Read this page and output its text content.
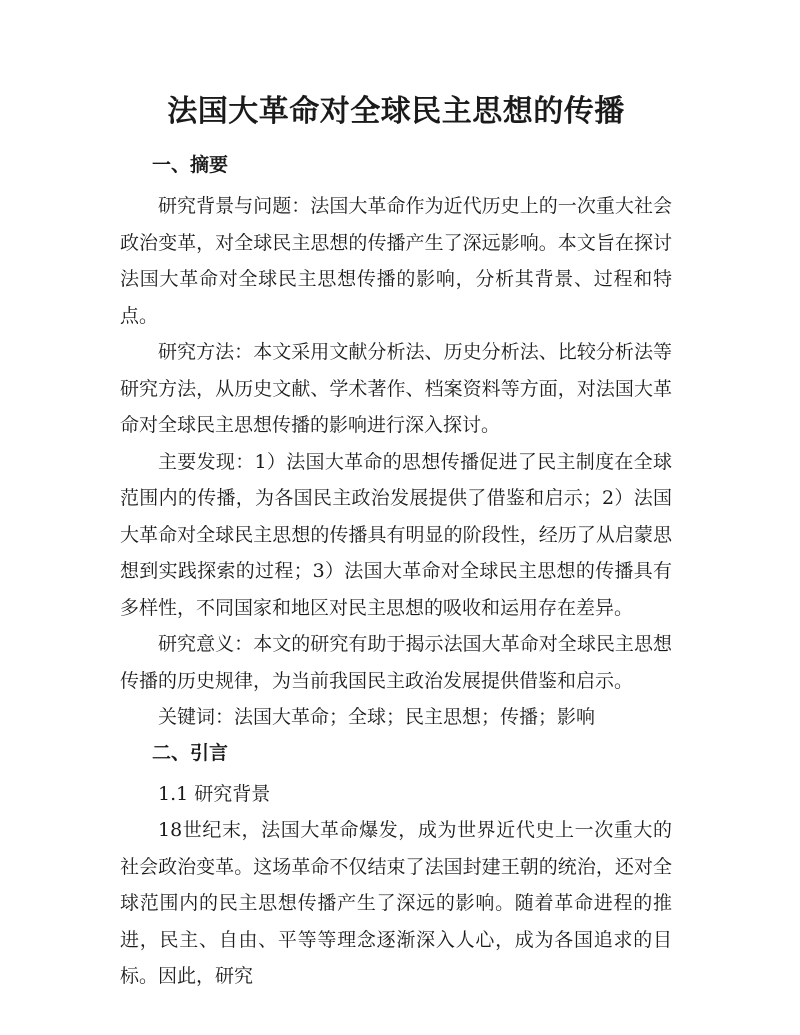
法国大革命对全球民主思想的传播
一、摘要

研究背景与问题：法国大革命作为近代历史上的一次重大社会政治变革，对全球民主思想的传播产生了深远影响。本文旨在探讨法国大革命对全球民主思想传播的影响，分析其背景、过程和特点。

研究方法：本文采用文献分析法、历史分析法、比较分析法等研究方法，从历史文献、学术著作、档案资料等方面，对法国大革命对全球民主思想传播的影响进行深入探讨。

主要发现：1）法国大革命的思想传播促进了民主制度在全球范围内的传播，为各国民主政治发展提供了借鉴和启示；2）法国大革命对全球民主思想的传播具有明显的阶段性，经历了从启蒙思想到实践探索的过程；3）法国大革命对全球民主思想的传播具有多样性，不同国家和地区对民主思想的吸收和运用存在差异。

研究意义：本文的研究有助于揭示法国大革命对全球民主思想传播的历史规律，为当前我国民主政治发展提供借鉴和启示。

关键词：法国大革命；全球；民主思想；传播；影响
二、引言
1.1 研究背景

18世纪末，法国大革命爆发，成为世界近代史上一次重大的社会政治变革。这场革命不仅结束了法国封建王朝的统治，还对全球范围内的民主思想传播产生了深远的影响。随着革命进程的推进，民主、自由、平等等理念逐渐深入人心，成为各国追求的目标。因此，研究
